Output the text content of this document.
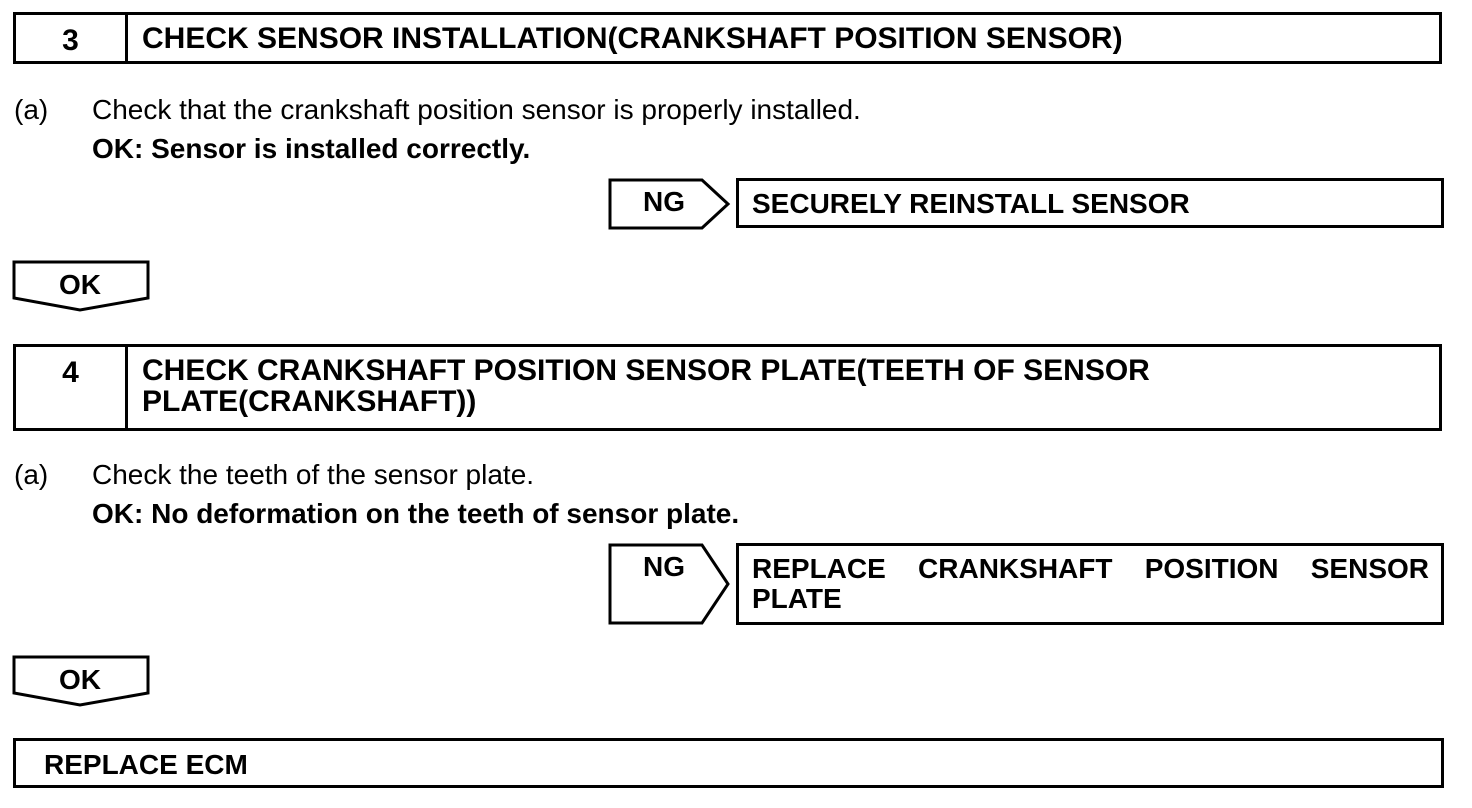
3	CHECK SENSOR INSTALLATION(CRANKSHAFT POSITION SENSOR)
(a) Check that the crankshaft position sensor is properly installed.
OK: Sensor is installed correctly.
NG	SECURELY REINSTALL SENSOR
OK
4	CHECK CRANKSHAFT POSITION SENSOR PLATE(TEETH OF SENSOR
PLATE(CRANKSHAFT))
(a) Check the teeth of the sensor plate.
OK: No deformation on the teeth of sensor plate.
NG	REPLACE CRANKSHAFT POSITION SENSOR
PLATE
OK
REPLACE ECM
